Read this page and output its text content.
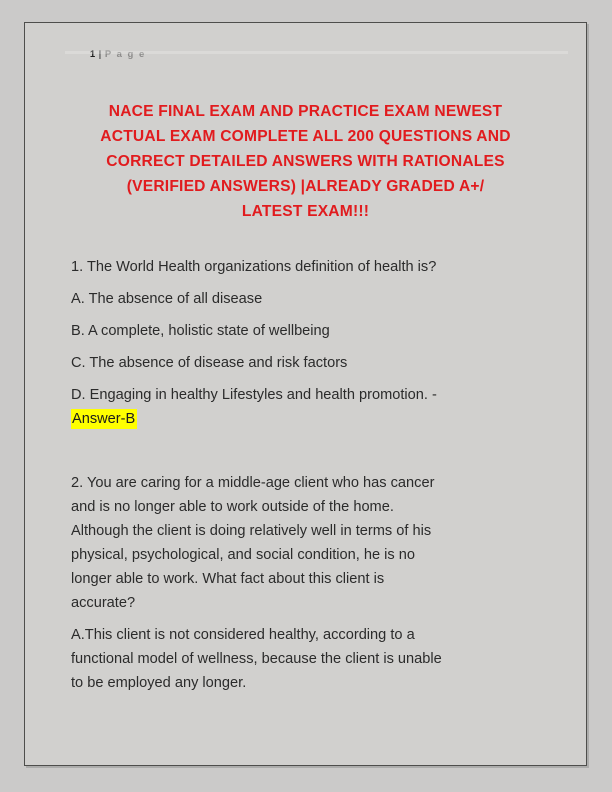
1 | P a g e

NACE FINAL EXAM AND PRACTICE EXAM NEWEST
ACTUAL EXAM COMPLETE ALL 200 QUESTIONS AND
CORRECT DETAILED ANSWERS WITH RATIONALES
(VERIFIED ANSWERS) |ALREADY GRADED A+/
LATEST EXAM!!!

1. The World Health organizations definition of health is?

A. The absence of all disease

B. A complete, holistic state of wellbeing

C. The absence of disease and risk factors

D. Engaging in healthy Lifestyles and health promotion. -
Answer-B

2. You are caring for a middle-age client who has cancer
and is no longer able to work outside of the home.
Although the client is doing relatively well in terms of his
physical, psychological, and social condition, he is no
longer able to work. What fact about this client is
accurate?

A.This client is not considered healthy, according to a
functional model of wellness, because the client is unable
to be employed any longer.
